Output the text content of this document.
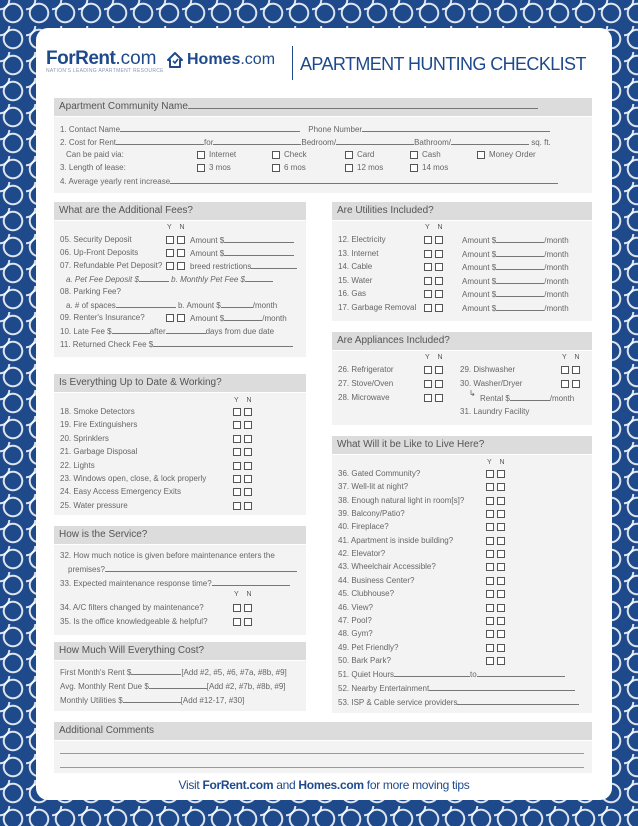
ForRent.com
NATION'S LEADING APARTMENT RESOURCE
Homes .com APARTMENT HUNTING CHECKLIST
Apartment Community Name
1. Contact Name	Phone Number
2. Cost for Rent	for	Bedroom/	Bathroom/	sq. ft.
Can be paid via:	Internet	Check	Card	Cash	Money Order
3. Length of lease:	3 mos	6 mos	12 mos	14 mos
4. Average yearly rent increase
What are the Additional Fees?
Y N
05. Security Deposit	Amount $
06. Up-Front Deposits	Amount $
07. Refundable Pet Deposit?	breed restrictions
a. Pet Fee Deposit $	b. Monthly Pet Fee $
08. Parking Fee?
a. # of spaces	b. Amount $	/month
09. Renter's Insurance?	Amount $	/month
10. Late Fee $	after	days from due date
11. Returned Check Fee $
Is Everything Up to Date & Working?
Y N
18. Smoke Detectors
19. Fire Extinguishers
20. Sprinklers
21. Garbage Disposal
22. Lights
23. Windows open, close, & lock properly
24. Easy Access Emergency Exits
25. Water pressure
How is the Service?
32. How much notice is given before maintenance enters the
premises?
33. Expected maintenance response time?
Y N
34. A/C filters changed by maintenance?
35. Is the office knowledgeable & helpful?
How Much Will Everything Cost?
First Month's Rent $	[Add #2, #5, #6, #7a, #8b, #9]
Avg. Monthly Rent Due $	[Add #2, #7b, #8b, #9]
Monthly Utilities $	[Add #12-17, #30]
Are Utilities Included?
Y N
12. Electricity	Amount $	/month
13. Internet	Amount $	/month
14. Cable	Amount $	/month
15. Water	Amount $	/month
16. Gas	Amount $	/month
17. Garbage Removal	Amount $	/month
Are Appliances Included?
Y N	Y N
26. Refrigerator
27. Stove/Oven
28. Microwave
29. Dishwasher
30. Washer/Dryer
↳
Rental $	/month
31. Laundry Facility
What Will it be Like to Live Here?
Y N
36. Gated Community?
37. Well-lit at night?
38. Enough natural light in room[s]?
39. Balcony/Patio?
40. Fireplace?
41. Apartment is inside building?
42. Elevator?
43. Wheelchair Accessible?
44. Business Center?
45. Clubhouse?
46. View?
47. Pool?
48. Gym?
49. Pet Friendly?
50. Bark Park?
51. Quiet Hours	to
52. Nearby Entertainment
53. ISP & Cable service providers
Additional Comments
Visit ForRent.com and Homes.com for more moving tips
